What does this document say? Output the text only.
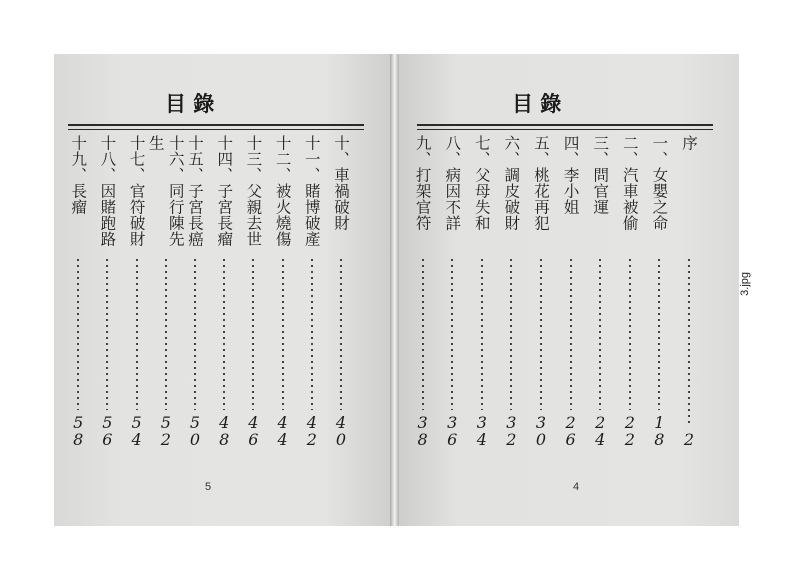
目 錄
十、車禍破財
4
0
十一、賭博破產
4
2
十二、被火燒傷
4
4
十三、父親去世
4
6
十四、子宮長瘤
4
8
十五、子宮長癌
5
0
十六、同行陳先生
5
2
十七、官符破財
5
4
十八、因賭跑路
5
6
十九、長瘤
5
8
5
目 錄
序
2
一、女嬰之命
1
8
二、汽車被偷
2
2
三、問官運
2
4
四、李小姐
2
6
五、桃花再犯
3
0
六、調皮破財
3
2
七、父母失和
3
4
八、病因不詳
3
6
九、打架官符
3
8
4
3.jpg
